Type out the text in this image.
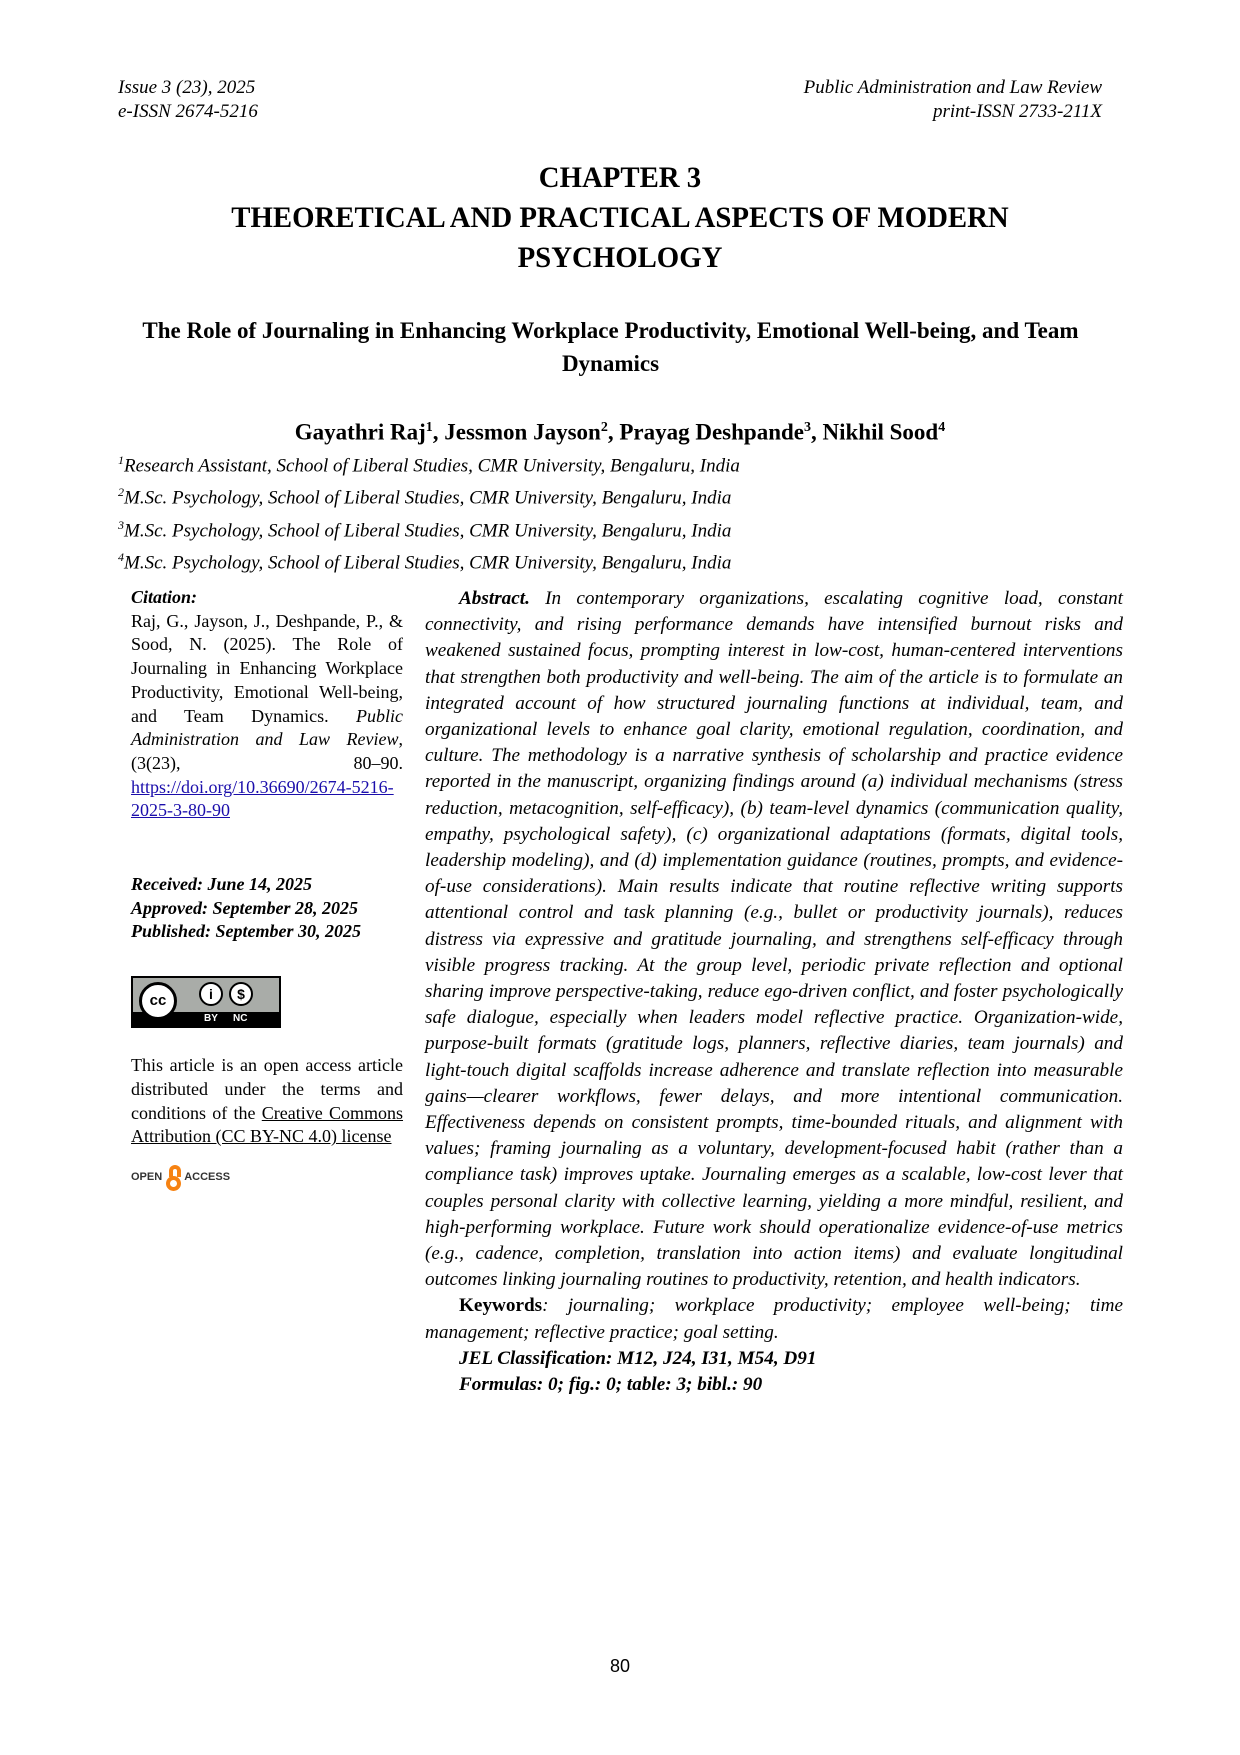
Issue 3 (23), 2025
e-ISSN 2674-5216
Public Administration and Law Review
print-ISSN 2733-211X
CHAPTER 3
THEORETICAL AND PRACTICAL ASPECTS OF MODERN
PSYCHOLOGY
The Role of Journaling in Enhancing Workplace Productivity, Emotional Well-being, and Team Dynamics
Gayathri Raj$^1$, Jessmon Jayson$^2$, Prayag Deshpande$^3$, Nikhil Sood$^4$
$^1$Research Assistant, School of Liberal Studies, CMR University, Bengaluru, India
$^2$M.Sc. Psychology, School of Liberal Studies, CMR University, Bengaluru, India
$^3$M.Sc. Psychology, School of Liberal Studies, CMR University, Bengaluru, India
$^4$M.Sc. Psychology, School of Liberal Studies, CMR University, Bengaluru, India
Citation:
Raj, G., Jayson, J., Deshpande, P., & Sood, N. (2025). The Role of Journaling in Enhancing Workplace Productivity, Emotional Well-being, and Team Dynamics. Public Administration and Law Review, (3(23), 80–90. https://doi.org/10.36690/2674-5216-2025-3-80-90
Received: June 14, 2025
Approved: September 28, 2025
Published: September 30, 2025
cc	i	$
BY NC
This article is an open access article distributed under the terms and conditions of the Creative Commons Attribution (CC BY-NC 4.0) license
OPEN ACCESS

Abstract. In contemporary organizations, escalating cognitive load, constant connectivity, and rising performance demands have intensified burnout risks and weakened sustained focus, prompting interest in low-cost, human-centered interventions that strengthen both productivity and well-being. The aim of the article is to formulate an integrated account of how structured journaling functions at individual, team, and organizational levels to enhance goal clarity, emotional regulation, coordination, and culture. The methodology is a narrative synthesis of scholarship and practice evidence reported in the manuscript, organizing findings around (a) individual mechanisms (stress reduction, metacognition, self-efficacy), (b) team-level dynamics (communication quality, empathy, psychological safety), (c) organizational adaptations (formats, digital tools, leadership modeling), and (d) implementation guidance (routines, prompts, and evidence-of-use considerations). Main results indicate that routine reflective writing supports attentional control and task planning (e.g., bullet or productivity journals), reduces distress via expressive and gratitude journaling, and strengthens self-efficacy through visible progress tracking. At the group level, periodic private reflection and optional sharing improve perspective-taking, reduce ego-driven conflict, and foster psychologically safe dialogue, especially when leaders model reflective practice. Organization-wide, purpose-built formats (gratitude logs, planners, reflective diaries, team journals) and light-touch digital scaffolds increase adherence and translate reflection into measurable gains—clearer workflows, fewer delays, and more intentional communication. Effectiveness depends on consistent prompts, time-bounded rituals, and alignment with values; framing journaling as a voluntary, development-focused habit (rather than a compliance task) improves uptake. Journaling emerges as a scalable, low-cost lever that couples personal clarity with collective learning, yielding a more mindful, resilient, and high-performing workplace. Future work should operationalize evidence-of-use metrics (e.g., cadence, completion, translation into action items) and evaluate longitudinal outcomes linking journaling routines to productivity, retention, and health indicators.

Keywords: journaling; workplace productivity; employee well-being; time management; reflective practice; goal setting.

JEL Classification: M12, J24, I31, M54, D91

Formulas: 0; fig.: 0; table: 3; bibl.: 90

80
